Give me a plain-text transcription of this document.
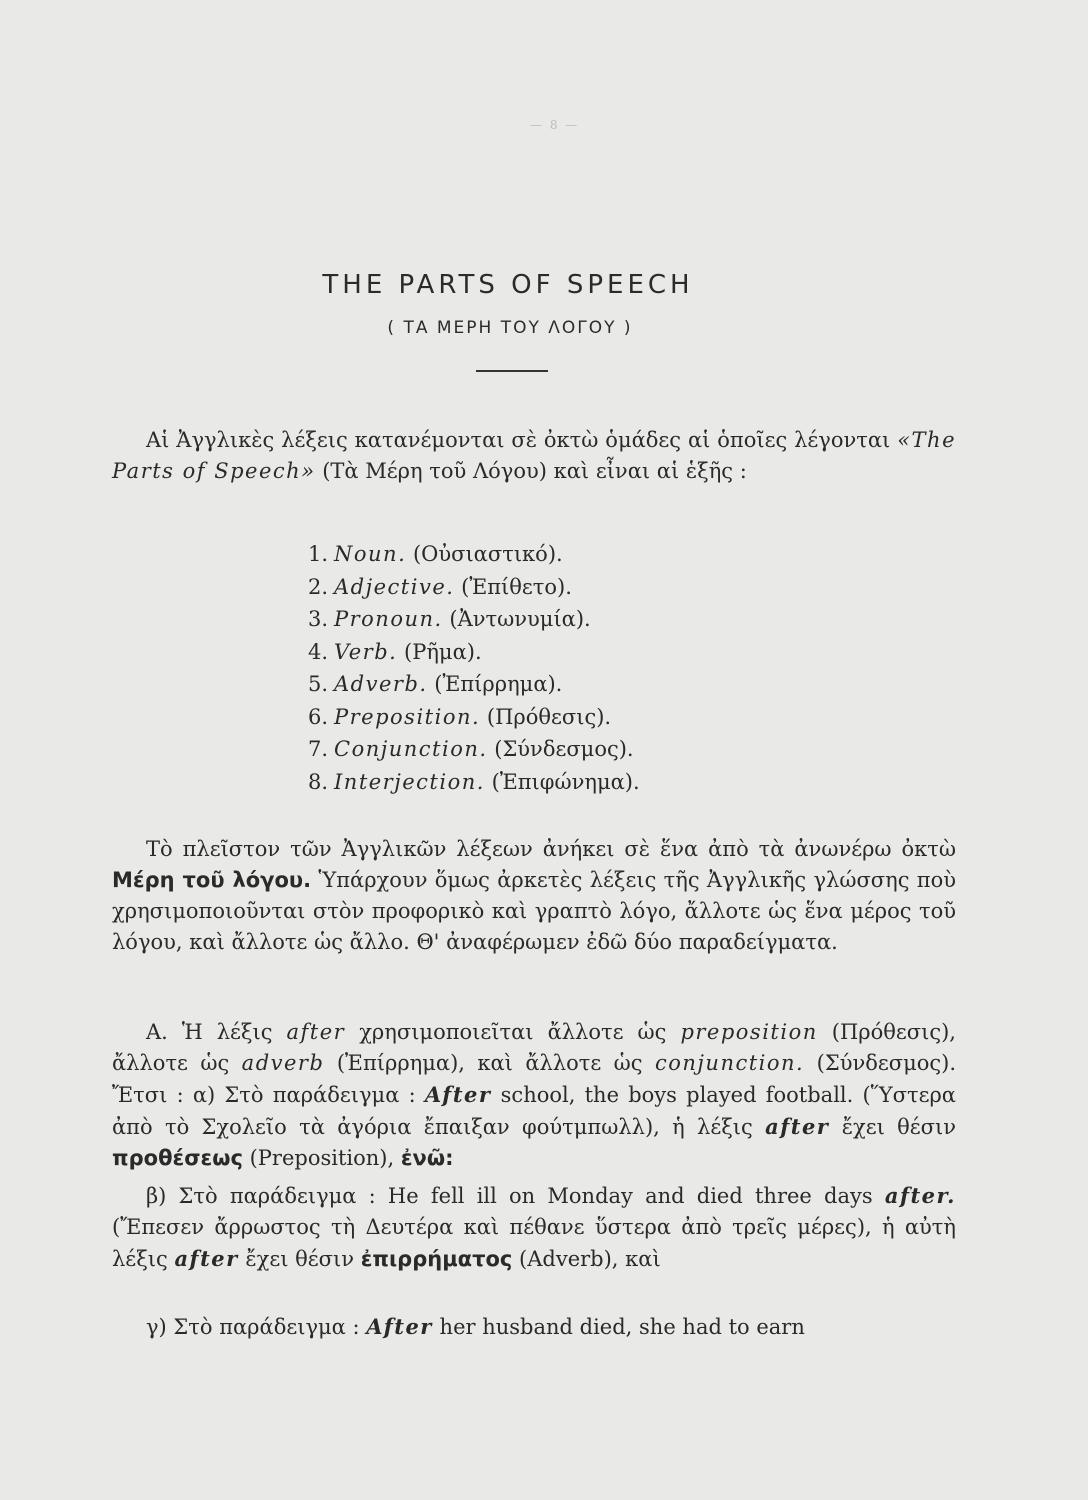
— 8 —
THE PARTS OF SPEECH
( ΤΑ ΜΕΡΗ ΤΟΥ ΛΟΓΟΥ )

Αἱ Ἀγγλικὲς λέξεις κατανέμονται σὲ ὀκτὼ ὁμάδες αἱ ὁποῖες λέγονται «The Parts of Speech» (Τὰ Μέρη τοῦ Λόγου) καὶ εἶναι αἱ ἑξῆς :

1. Noun. (Οὐσιαστικό).
2. Adjective. (Ἐπίθετο).
3. Pronoun. (Ἀντωνυμία).
4. Verb. (Ρῆμα).
5. Adverb. (Ἐπίρρημα).
6. Preposition. (Πρόθεσις).
7. Conjunction. (Σύνδεσμος).
8. Interjection. (Ἐπιφώνημα).

Τὸ πλεῖστον τῶν Ἀγγλικῶν λέξεων ἀνήκει σὲ ἕνα ἀπὸ τὰ ἀνωνέρω ὀκτὼ Μέρη τοῦ λόγου. Ὑπάρχουν ὅμως ἀρκετὲς λέξεις τῆς Ἀγγλικῆς γλώσσης ποὺ χρησιμοποιοῦνται στὸν προφορικὸ καὶ γραπτὸ λόγο, ἄλλοτε ὡς ἕνα μέρος τοῦ λόγου, καὶ ἄλλοτε ὡς ἄλλο. Θ' ἀναφέρωμεν ἐδῶ δύο παραδείγματα.

Α. Ἡ λέξις after χρησιμοποιεῖται ἄλλοτε ὡς preposition (Πρόθεσις), ἄλλοτε ὡς adverb (Ἐπίρρημα), καὶ ἄλλοτε ὡς conjunction. (Σύνδεσμος). Ἔτσι : α) Στὸ παράδειγμα : After school, the boys played football. (Ὕστερα ἀπὸ τὸ Σχολεῖο τὰ ἀγόρια ἔπαιξαν φούτμπωλλ), ἡ λέξις after ἔχει θέσιν προθέσεως (Preposition), ἐνῶ:

β) Στὸ παράδειγμα : He fell ill on Monday and died three days after. (Ἔπεσεν ἄρρωστος τὴ Δευτέρα καὶ πέθανε ὕστερα ἀπὸ τρεῖς μέρες), ἡ αὐτὴ λέξις after ἔχει θέσιν ἐπιρρήματος (Adverb), καὶ

γ) Στὸ παράδειγμα : After her husband died, she had to earn
